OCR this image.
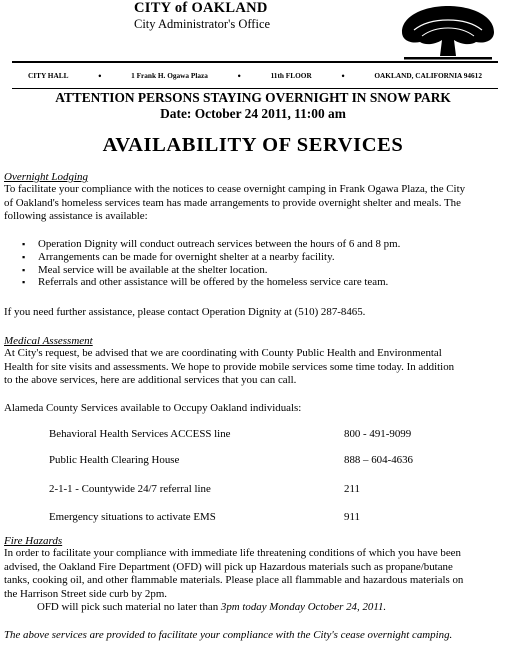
CITY of OAKLAND
City Administrator's Office
CITY HALL	•	1 Frank H. Ogawa Plaza	•	11th FLOOR	•	OAKLAND, CALIFORNIA 94612
ATTENTION PERSONS STAYING OVERNIGHT IN SNOW PARK
Date: October 24 2011, 11:00 am
AVAILABILITY OF SERVICES
Overnight Lodging
To facilitate your compliance with the notices to cease overnight camping in Frank Ogawa Plaza, the City
of Oakland's homeless services team has made arrangements to provide overnight shelter and meals. The
following assistance is available:
▪ Operation Dignity will conduct outreach services between the hours of 6 and 8 pm.
▪ Arrangements can be made for overnight shelter at a nearby facility.
▪ Meal service will be available at the shelter location.
▪ Referrals and other assistance will be offered by the homeless service care team.
If you need further assistance, please contact Operation Dignity at (510) 287-8465.
Medical Assessment
At City's request, be advised that we are coordinating with County Public Health and Environmental
Health for site visits and assessments. We hope to provide mobile services some time today. In addition
to the above services, here are additional services that you can call.
Alameda County Services available to Occupy Oakland individuals:
Behavioral Health Services ACCESS line	800 - 491-9099
Public Health Clearing House	888 – 604-4636
2-1-1 - Countywide 24/7 referral line	211
Emergency situations to activate EMS	911
Fire Hazards
In order to facilitate your compliance with immediate life threatening conditions of which you have been
advised, the Oakland Fire Department (OFD) will pick up Hazardous materials such as propane/butane
tanks, cooking oil, and other flammable materials. Please place all flammable and hazardous materials on
the Harrison Street side curb by 2pm.
OFD will pick such material no later than 3pm today Monday October 24, 2011.
The above services are provided to facilitate your compliance with the City's cease overnight camping.
